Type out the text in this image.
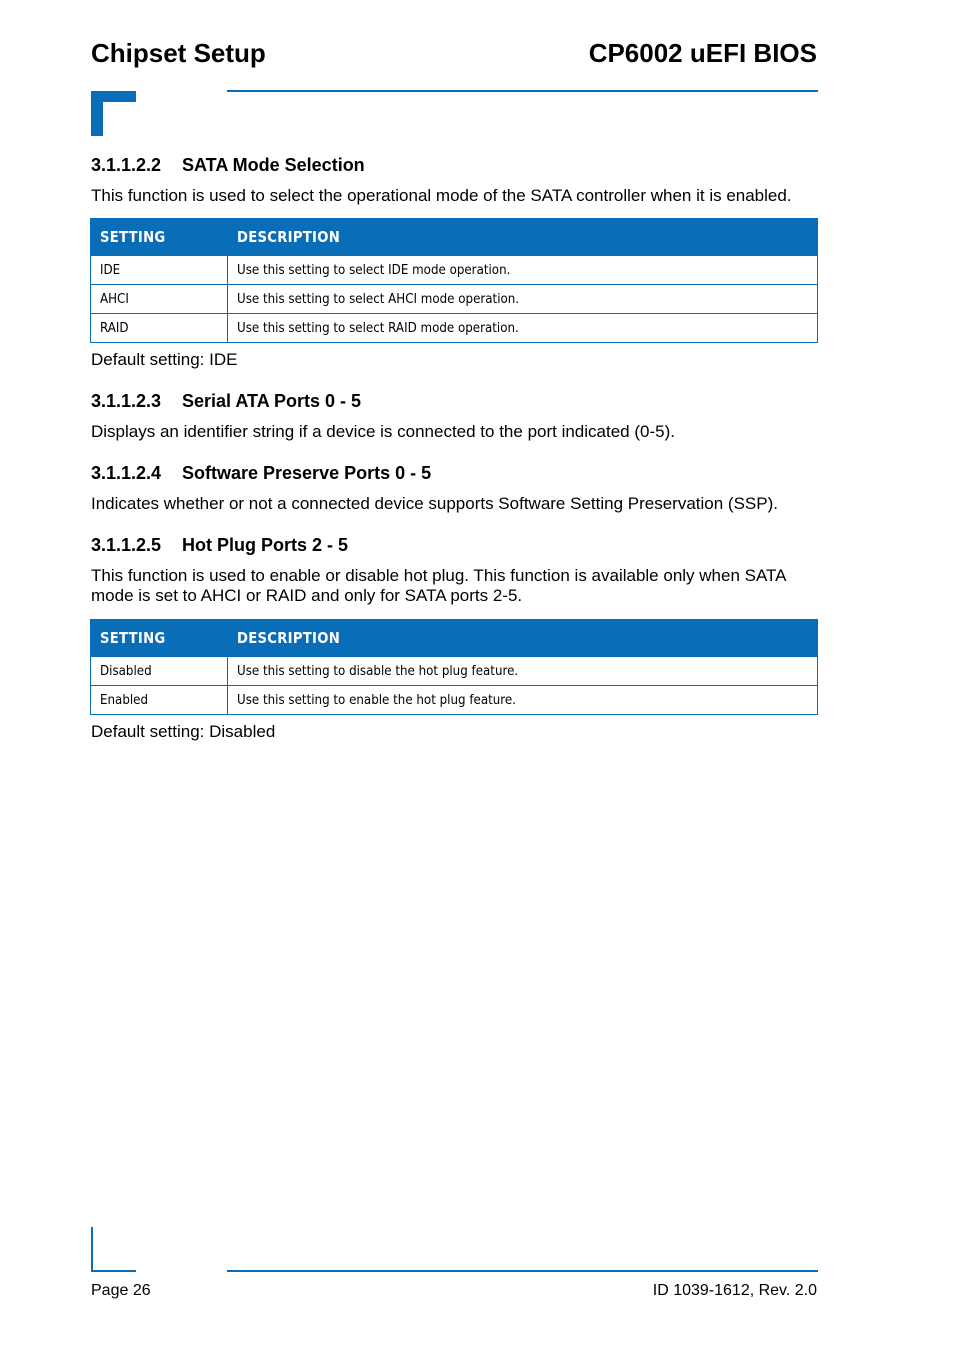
Chipset Setup	CP6002 uEFI BIOS
3.1.1.2.2 SATA Mode Selection
This function is used to select the operational mode of the SATA controller when it is enabled.
SETTING	DESCRIPTION
IDE	Use this setting to select IDE mode operation.
AHCI	Use this setting to select AHCI mode operation.
RAID	Use this setting to select RAID mode operation.
Default setting: IDE
3.1.1.2.3 Serial ATA Ports 0 - 5
Displays an identifier string if a device is connected to the port indicated (0-5).
3.1.1.2.4 Software Preserve Ports 0 - 5
Indicates whether or not a connected device supports Software Setting Preservation (SSP).
3.1.1.2.5 Hot Plug Ports 2 - 5
This function is used to enable or disable hot plug. This function is available only when SATA mode is set to AHCI or RAID and only for SATA ports 2-5.
SETTING	DESCRIPTION
Disabled	Use this setting to disable the hot plug feature.
Enabled	Use this setting to enable the hot plug feature.
Default setting: Disabled
Page 26	ID 1039-1612, Rev. 2.0
